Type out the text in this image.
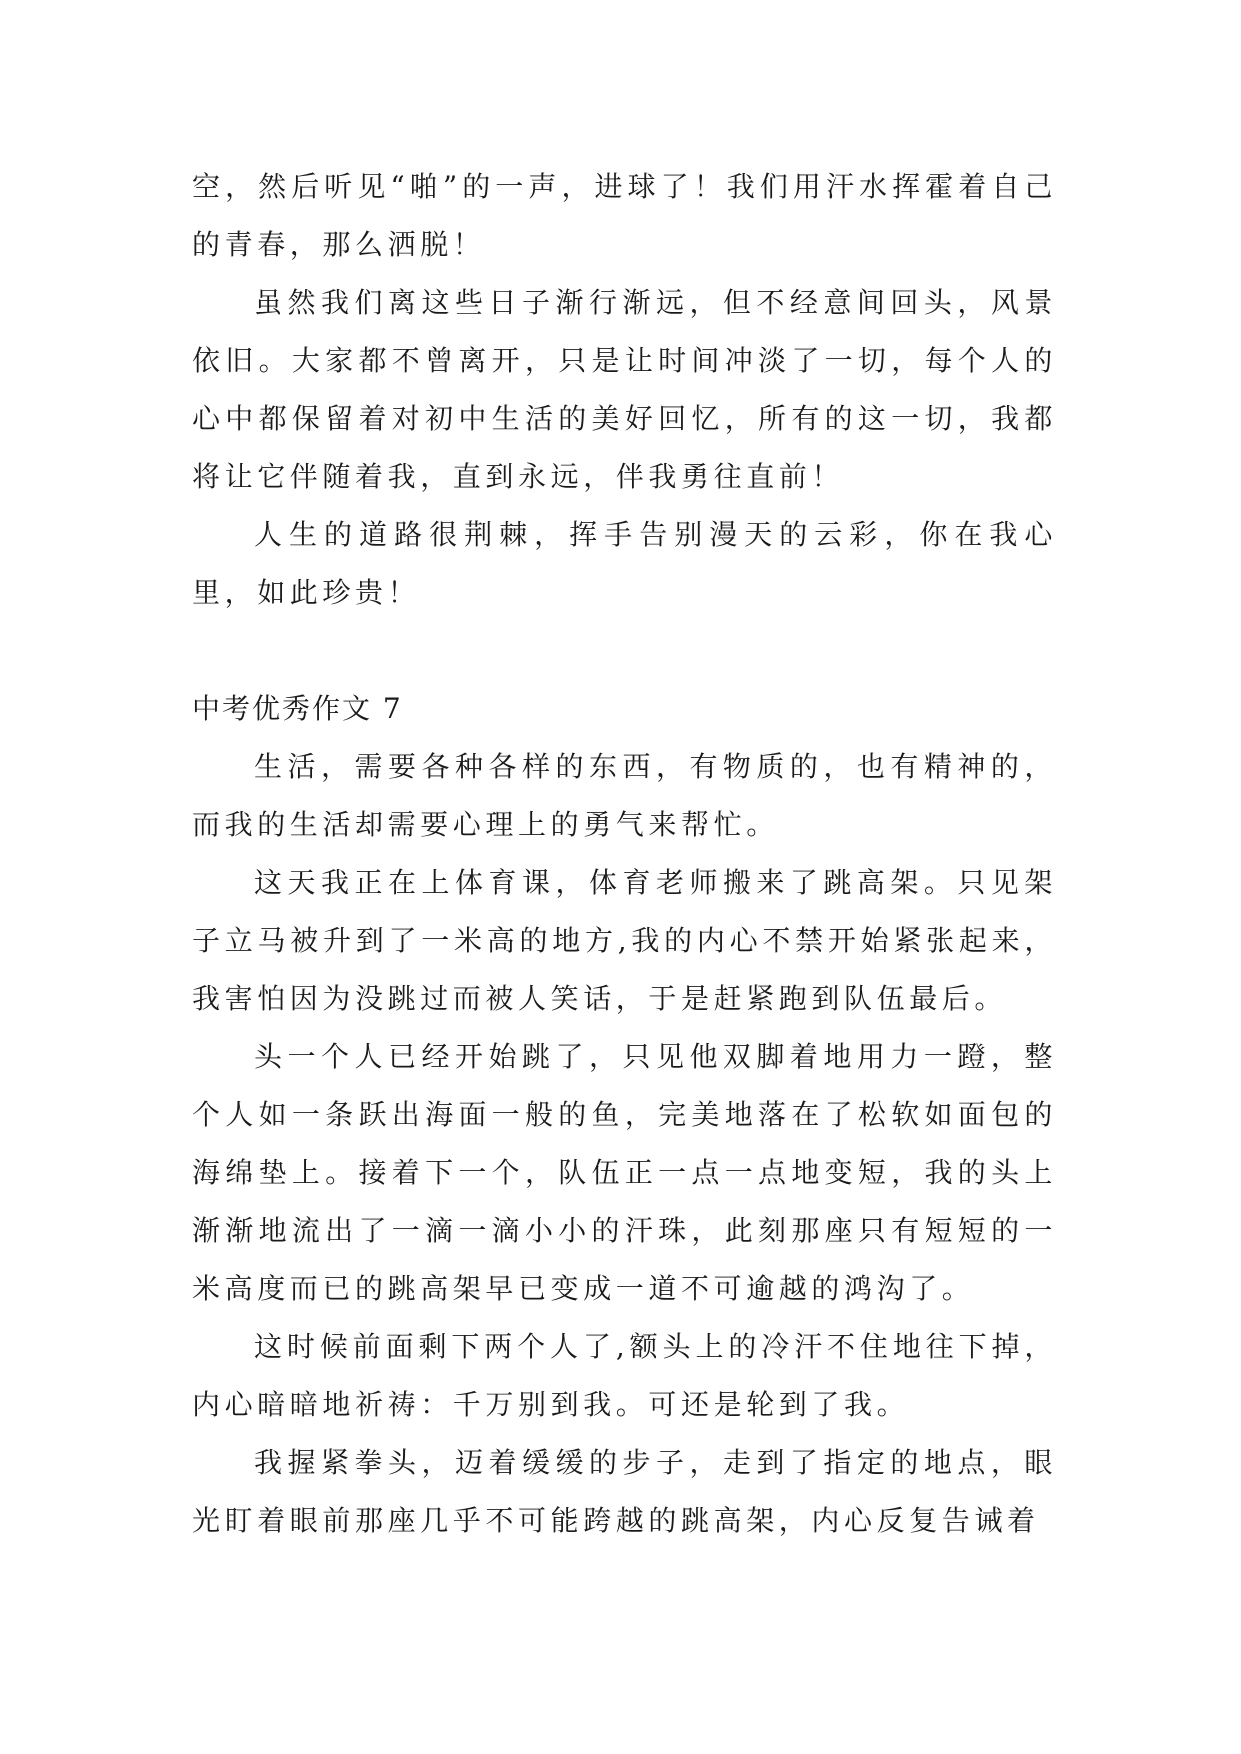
空，然后听见“啪”的一声，进球了！我们用汗水挥霍着自己的青春，那么洒脱！

虽然我们离这些日子渐行渐远，但不经意间回头，风景依旧。大家都不曾离开，只是让时间冲淡了一切，每个人的心中都保留着对初中生活的美好回忆，所有的这一切，我都将让它伴随着我，直到永远，伴我勇往直前！

人生的道路很荆棘，挥手告别漫天的云彩，你在我心里，如此珍贵！

中考优秀作文 7

生活，需要各种各样的东西，有物质的，也有精神的，而我的生活却需要心理上的勇气来帮忙。

这天我正在上体育课，体育老师搬来了跳高架。只见架子立马被升到了一米高的地方,我的内心不禁开始紧张起来，我害怕因为没跳过而被人笑话，于是赶紧跑到队伍最后。

头一个人已经开始跳了，只见他双脚着地用力一蹬，整个人如一条跃出海面一般的鱼，完美地落在了松软如面包的海绵垫上。接着下一个，队伍正一点一点地变短，我的头上渐渐地流出了一滴一滴小小的汗珠，此刻那座只有短短的一米高度而已的跳高架早已变成一道不可逾越的鸿沟了。

这时候前面剩下两个人了,额头上的冷汗不住地往下掉，内心暗暗地祈祷：千万别到我。可还是轮到了我。

我握紧拳头，迈着缓缓的步子，走到了指定的地点，眼光盯着眼前那座几乎不可能跨越的跳高架，内心反复告诫着
